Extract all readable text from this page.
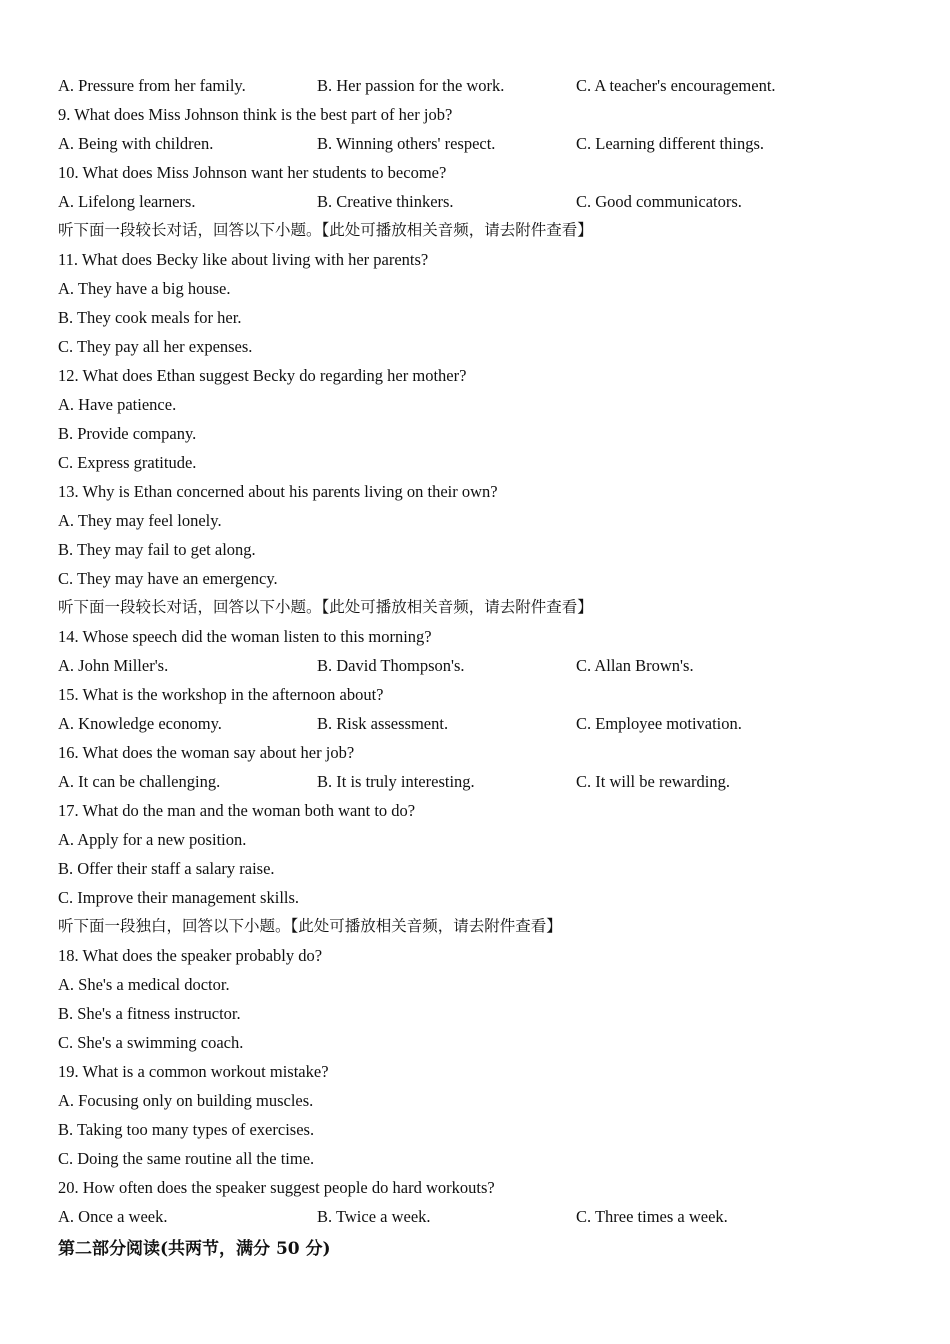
A. Pressure from her family.	B. Her passion for the work.	C. A teacher's encouragement.
9. What does Miss Johnson think is the best part of her job?
A. Being with children.	B. Winning others' respect.	C. Learning different things.
10. What does Miss Johnson want her students to become?
A. Lifelong learners.	B. Creative thinkers.	C. Good communicators.
听下面一段较长对话，回答以下小题。【此处可播放相关音频，请去附件查看】
11. What does Becky like about living with her parents?
A. They have a big house.
B. They cook meals for her.
C. They pay all her expenses.
12. What does Ethan suggest Becky do regarding her mother?
A. Have patience.
B. Provide company.
C. Express gratitude.
13. Why is Ethan concerned about his parents living on their own?
A. They may feel lonely.
B. They may fail to get along.
C. They may have an emergency.
听下面一段较长对话，回答以下小题。【此处可播放相关音频，请去附件查看】
14. Whose speech did the woman listen to this morning?
A. John Miller's.	B. David Thompson's.	C. Allan Brown's.
15. What is the workshop in the afternoon about?
A. Knowledge economy.	B. Risk assessment.	C. Employee motivation.
16. What does the woman say about her job?
A. It can be challenging.	B. It is truly interesting.	C. It will be rewarding.
17. What do the man and the woman both want to do?
A. Apply for a new position.
B. Offer their staff a salary raise.
C. Improve their management skills.
听下面一段独白，回答以下小题。【此处可播放相关音频，请去附件查看】
18. What does the speaker probably do?
A. She's a medical doctor.
B. She's a fitness instructor.
C. She's a swimming coach.
19. What is a common workout mistake?
A. Focusing only on building muscles.
B. Taking too many types of exercises.
C. Doing the same routine all the time.
20. How often does the speaker suggest people do hard workouts?
A. Once a week.	B. Twice a week.	C. Three times a week.
第二部分阅读(共两节，满分 50 分)
